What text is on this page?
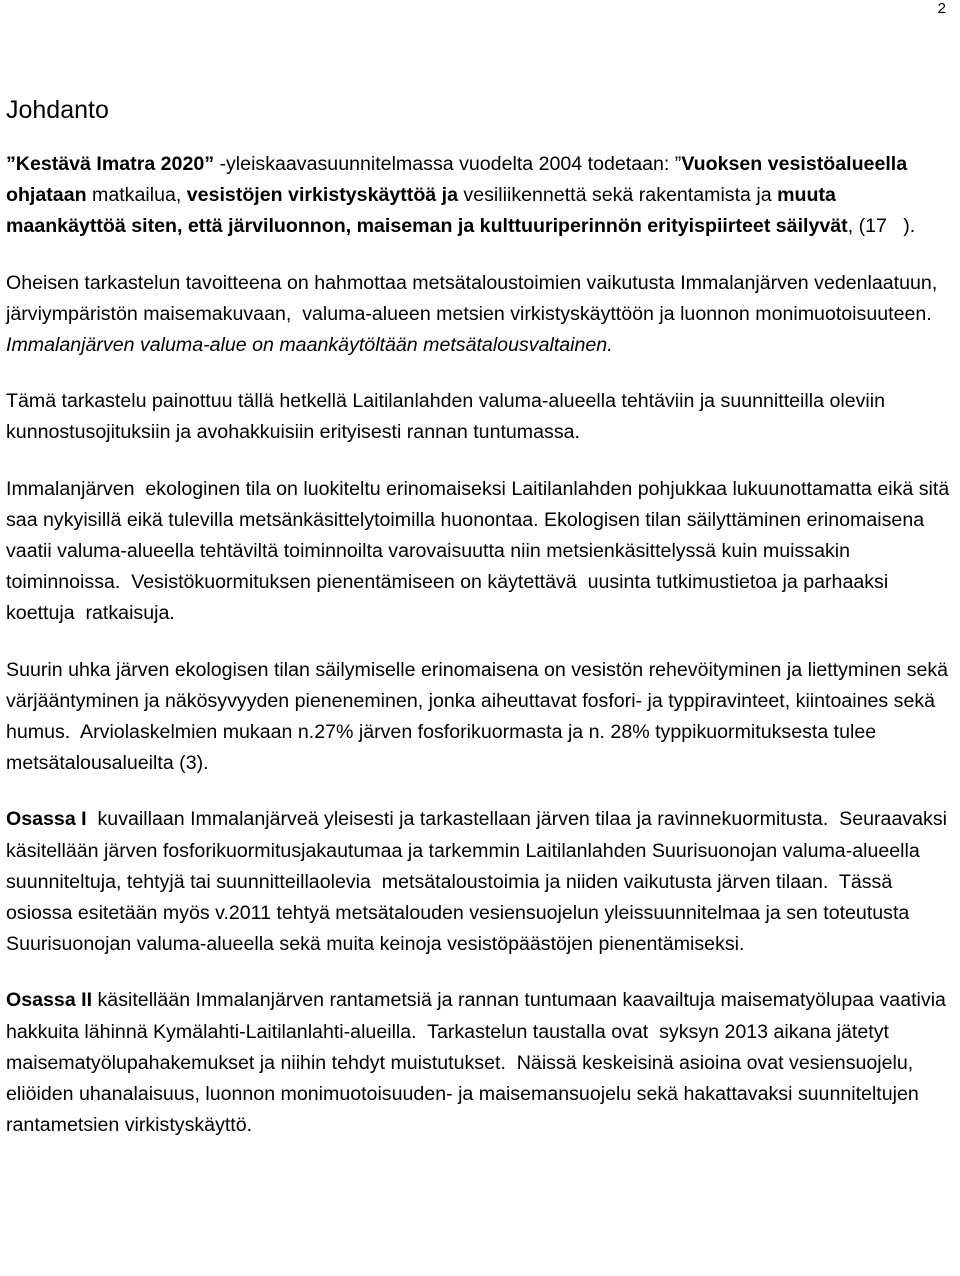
2
Johdanto

”Kestävä Imatra 2020” -yleiskaavasuunnitelmassa vuodelta 2004 todetaan: ”Vuoksen vesistöalueella ohjataan matkailua, vesistöjen virkistyskäyttöä ja vesiliikennettä sekä rakentamista ja muuta maankäyttöä siten, että järviluonnon, maiseman ja kulttuuriperinnön erityispiirteet säilyvät, (17   ).

Oheisen tarkastelun tavoitteena on hahmottaa metsätaloustoimien vaikutusta Immalanjärven vedenlaatuun, järviympäristön maisemakuvaan,  valuma-alueen metsien virkistyskäyttöön ja luonnon monimuotoisuuteen. Immalanjärven valuma-alue on maankäytöltään metsätalousvaltainen.

Tämä tarkastelu painottuu tällä hetkellä Laitilanlahden valuma-alueella tehtäviin ja suunnitteilla oleviin  kunnostusojituksiin ja avohakkuisiin erityisesti rannan tuntumassa.

Immalanjärven  ekologinen tila on luokiteltu erinomaiseksi Laitilanlahden pohjukkaa lukuunottamatta eikä sitä saa nykyisillä eikä tulevilla metsänkäsittelytoimilla huonontaa. Ekologisen tilan säilyttäminen erinomaisena vaatii valuma-alueella tehtäviltä toiminnoilta varovaisuutta niin metsienkäsittelyssä kuin muissakin toiminnoissa.  Vesistökuormituksen pienentämiseen on käytettävä  uusinta tutkimustietoa ja parhaaksi koettuja  ratkaisuja.

Suurin uhka järven ekologisen tilan säilymiselle erinomaisena on vesistön rehevöityminen ja liettyminen sekä värjääntyminen ja näkösyvyyden pieneneminen, jonka aiheuttavat fosfori- ja typpiravinteet, kiintoaines sekä humus.  Arviolaskelmien mukaan n.27% järven fosforikuormasta ja n. 28% typpikuormituksesta tulee metsätalousalueilta (3).

Osassa I  kuvaillaan Immalanjärveä yleisesti ja tarkastellaan järven tilaa ja ravinnekuormitusta.  Seuraavaksi käsitellään järven fosforikuormitusjakautumaa ja tarkemmin Laitilanlahden Suurisuonojan valuma-alueella suunniteltuja, tehtyjä tai suunnitteillaolevia  metsätaloustoimia ja niiden vaikutusta järven tilaan.  Tässä osiossa esitetään myös v.2011 tehtyä metsätalouden vesiensuojelun yleissuunnitelmaa ja sen toteutusta Suurisuonojan valuma-alueella sekä muita keinoja vesistöpäästöjen pienentämiseksi.

Osassa II käsitellään Immalanjärven rantametsiä ja rannan tuntumaan kaavailtuja maisematyölupaa vaativia hakkuita lähinnä Kymälahti-Laitilanlahti-alueilla.  Tarkastelun taustalla ovat  syksyn 2013 aikana jätetyt  maisematyölupahakemukset ja niihin tehdyt muistutukset.  Näissä keskeisinä asioina ovat vesiensuojelu, eliöiden uhanalaisuus, luonnon monimuotoisuuden- ja maisemansuojelu sekä hakattavaksi suunniteltujen rantametsien virkistyskäyttö.
